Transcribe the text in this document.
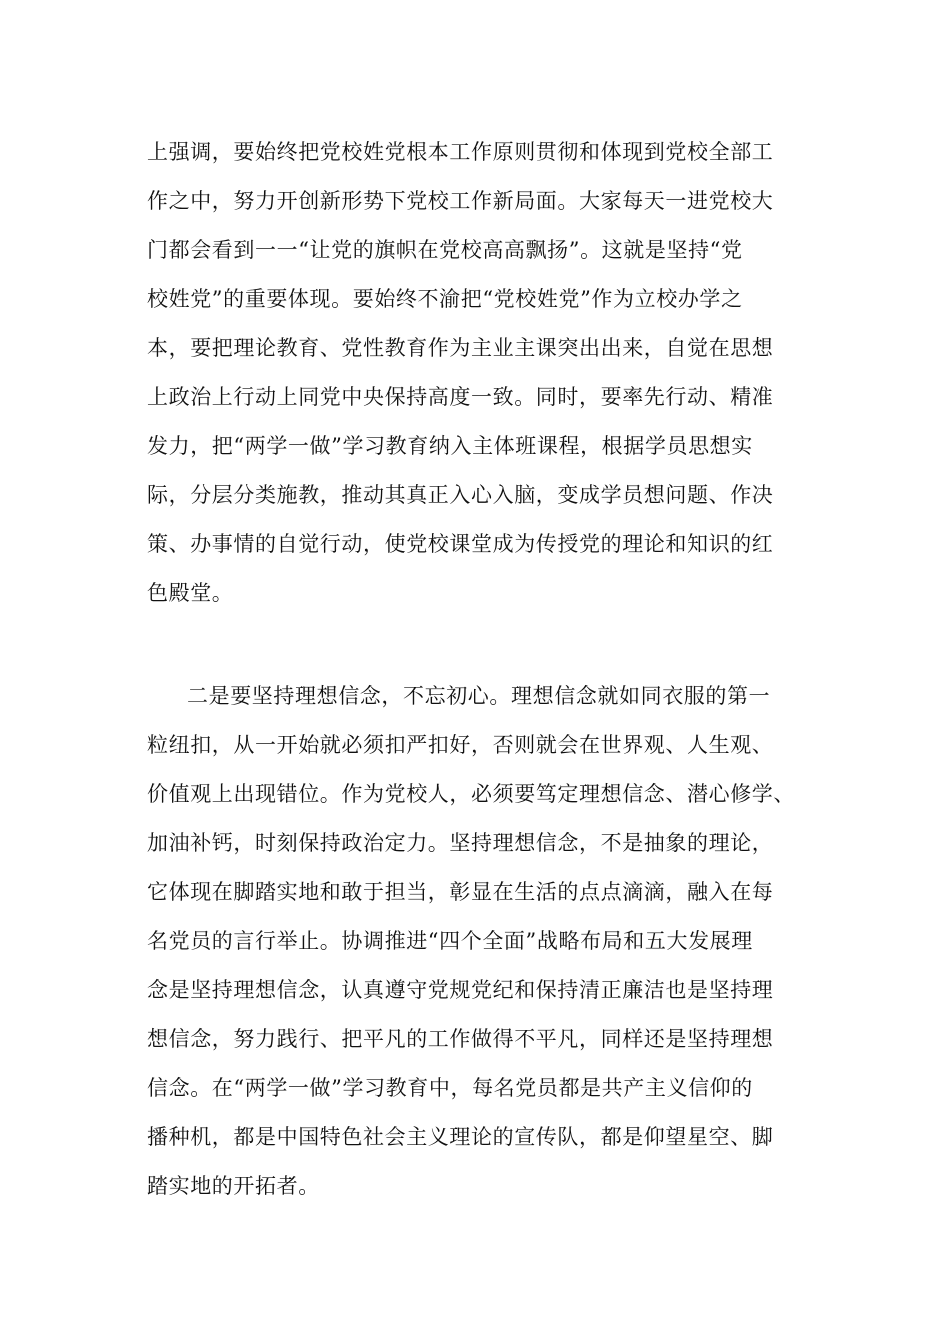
上强调，要始终把党校姓党根本工作原则贯彻和体现到党校全部工
作之中，努力开创新形势下党校工作新局面。大家每天一进党校大
门都会看到一一“让党的旗帜在党校高高飘扬”。这就是坚持“党
校姓党”的重要体现。要始终不渝把“党校姓党”作为立校办学之
本，要把理论教育、党性教育作为主业主课突出出来，自觉在思想
上政治上行动上同党中央保持高度一致。同时，要率先行动、精准
发力，把“两学一做”学习教育纳入主体班课程，根据学员思想实
际，分层分类施教，推动其真正入心入脑，变成学员想问题、作决
策、办事情的自觉行动，使党校课堂成为传授党的理论和知识的红
色殿堂。
二是要坚持理想信念，不忘初心。理想信念就如同衣服的第一
粒纽扣，从一开始就必须扣严扣好，否则就会在世界观、人生观、
价值观上出现错位。作为党校人，必须要笃定理想信念、潜心修学、
加油补钙，时刻保持政治定力。坚持理想信念，不是抽象的理论，
它体现在脚踏实地和敢于担当，彰显在生活的点点滴滴，融入在每
名党员的言行举止。协调推进“四个全面”战略布局和五大发展理
念是坚持理想信念，认真遵守党规党纪和保持清正廉洁也是坚持理
想信念，努力践行、把平凡的工作做得不平凡，同样还是坚持理想
信念。在“两学一做”学习教育中，每名党员都是共产主义信仰的
播种机，都是中国特色社会主义理论的宣传队，都是仰望星空、脚
踏实地的开拓者。
